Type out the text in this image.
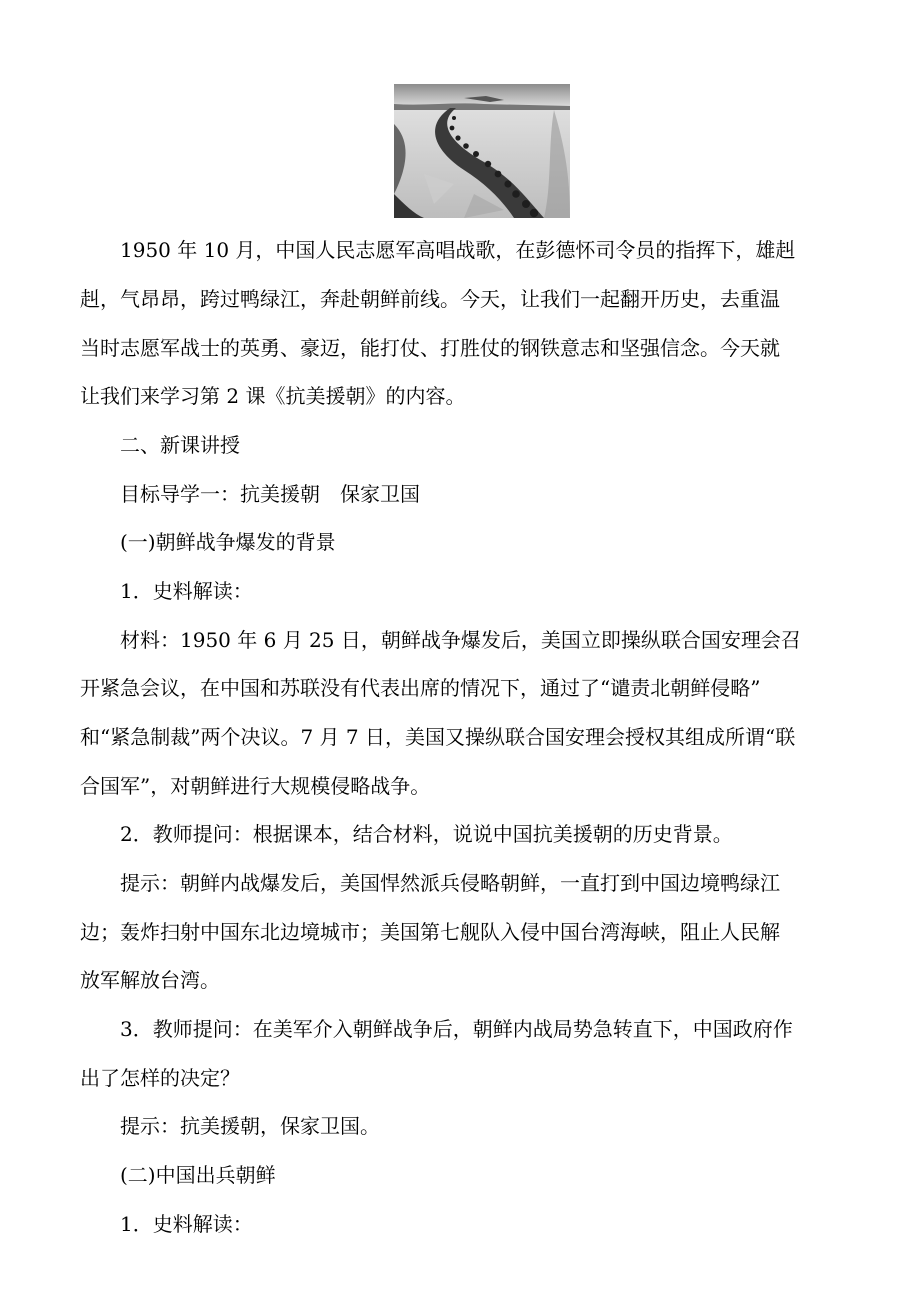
1950 年 10 月，中国人民志愿军高唱战歌，在彭德怀司令员的指挥下，雄赳
赳，气昂昂，跨过鸭绿江，奔赴朝鲜前线。今天，让我们一起翻开历史，去重温
当时志愿军战士的英勇、豪迈，能打仗、打胜仗的钢铁意志和坚强信念。今天就
让我们来学习第 2 课《抗美援朝》的内容。
二、新课讲授
目标导学一：抗美援朝　保家卫国
(一)朝鲜战争爆发的背景
1．史料解读：
材料：1950 年 6 月 25 日，朝鲜战争爆发后，美国立即操纵联合国安理会召
开紧急会议，在中国和苏联没有代表出席的情况下，通过了“谴责北朝鲜侵略”
和“紧急制裁”两个决议。7 月 7 日，美国又操纵联合国安理会授权其组成所谓“联
合国军”，对朝鲜进行大规模侵略战争。
2．教师提问：根据课本，结合材料，说说中国抗美援朝的历史背景。
提示：朝鲜内战爆发后，美国悍然派兵侵略朝鲜，一直打到中国边境鸭绿江
边；轰炸扫射中国东北边境城市；美国第七舰队入侵中国台湾海峡，阻止人民解
放军解放台湾。
3．教师提问：在美军介入朝鲜战争后，朝鲜内战局势急转直下，中国政府作
出了怎样的决定？
提示：抗美援朝，保家卫国。
(二)中国出兵朝鲜
1．史料解读：
